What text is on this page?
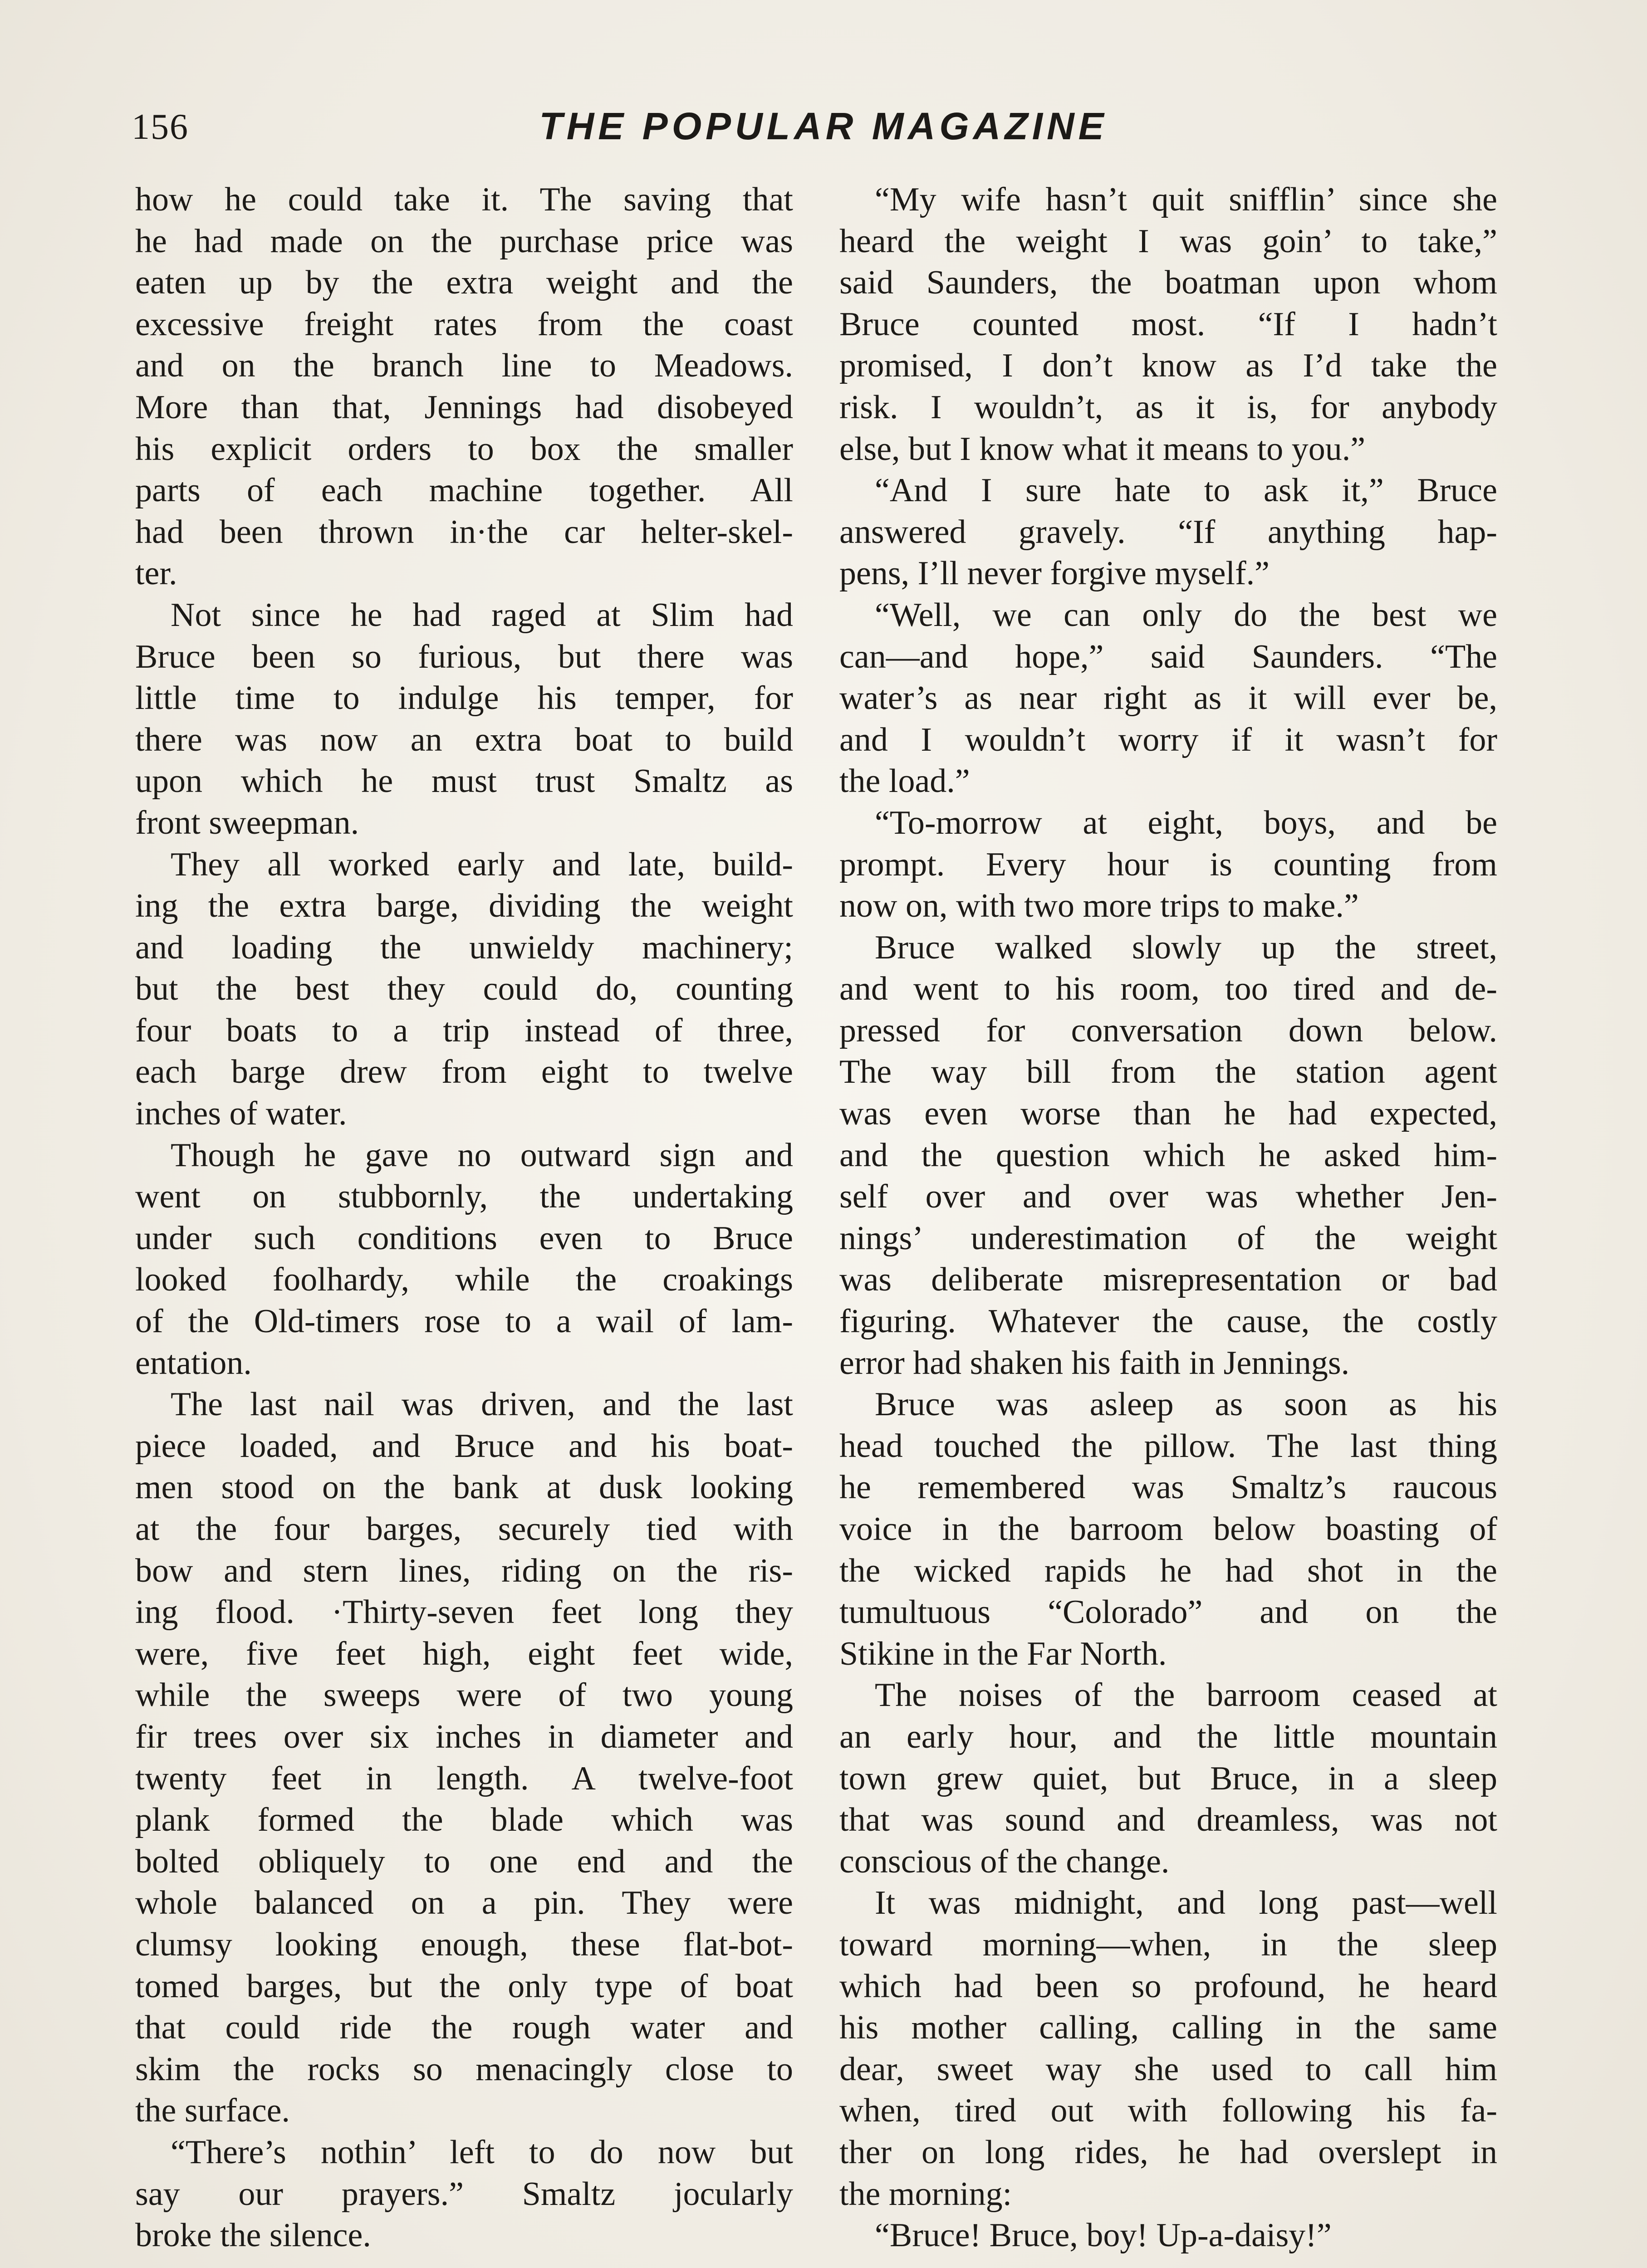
156	THE POPULAR MAGAZINE
how he could take it. The saving that
he had made on the purchase price was
eaten up by the extra weight and the
excessive freight rates from the coast
and on the branch line to Meadows.
More than that, Jennings had disobeyed
his explicit orders to box the smaller
parts of each machine together. All
had been thrown in·the car helter-skel-
ter.
Not since he had raged at Slim had
Bruce been so furious, but there was
little time to indulge his temper, for
there was now an extra boat to build
upon which he must trust Smaltz as
front sweepman.
They all worked early and late, build-
ing the extra barge, dividing the weight
and loading the unwieldy machinery;
but the best they could do, counting
four boats to a trip instead of three,
each barge drew from eight to twelve
inches of water.
Though he gave no outward sign and
went on stubbornly, the undertaking
under such conditions even to Bruce
looked foolhardy, while the croakings
of the Old-timers rose to a wail of lam-
entation.
The last nail was driven, and the last
piece loaded, and Bruce and his boat-
men stood on the bank at dusk looking
at the four barges, securely tied with
bow and stern lines, riding on the ris-
ing flood. ·Thirty-seven feet long they
were, five feet high, eight feet wide,
while the sweeps were of two young
fir trees over six inches in diameter and
twenty feet in length. A twelve-foot
plank formed the blade which was
bolted obliquely to one end and the
whole balanced on a pin. They were
clumsy looking enough, these flat-bot-
tomed barges, but the only type of boat
that could ride the rough water and
skim the rocks so menacingly close to
the surface.
“There’s nothin’ left to do now but
say our prayers.” Smaltz jocularly
broke the silence.
“My wife hasn’t quit snifflin’ since she
heard the weight I was goin’ to take,”
said Saunders, the boatman upon whom
Bruce counted most. “If I hadn’t
promised, I don’t know as I’d take the
risk. I wouldn’t, as it is, for anybody
else, but I know what it means to you.”
“And I sure hate to ask it,” Bruce
answered gravely. “If anything hap-
pens, I’ll never forgive myself.”
“Well, we can only do the best we
can—and hope,” said Saunders. “The
water’s as near right as it will ever be,
and I wouldn’t worry if it wasn’t for
the load.”
“To-morrow at eight, boys, and be
prompt. Every hour is counting from
now on, with two more trips to make.”
Bruce walked slowly up the street,
and went to his room, too tired and de-
pressed for conversation down below.
The way bill from the station agent
was even worse than he had expected,
and the question which he asked him-
self over and over was whether Jen-
nings’ underestimation of the weight
was deliberate misrepresentation or bad
figuring. Whatever the cause, the costly
error had shaken his faith in Jennings.
Bruce was asleep as soon as his
head touched the pillow. The last thing
he remembered was Smaltz’s raucous
voice in the barroom below boasting of
the wicked rapids he had shot in the
tumultuous “Colorado” and on the
Stikine in the Far North.
The noises of the barroom ceased at
an early hour, and the little mountain
town grew quiet, but Bruce, in a sleep
that was sound and dreamless, was not
conscious of the change.
It was midnight, and long past—well
toward morning—when, in the sleep
which had been so profound, he heard
his mother calling, calling in the same
dear, sweet way she used to call him
when, tired out with following his fa-
ther on long rides, he had overslept in
the morning:
“Bruce! Bruce, boy! Up-a-daisy!”
